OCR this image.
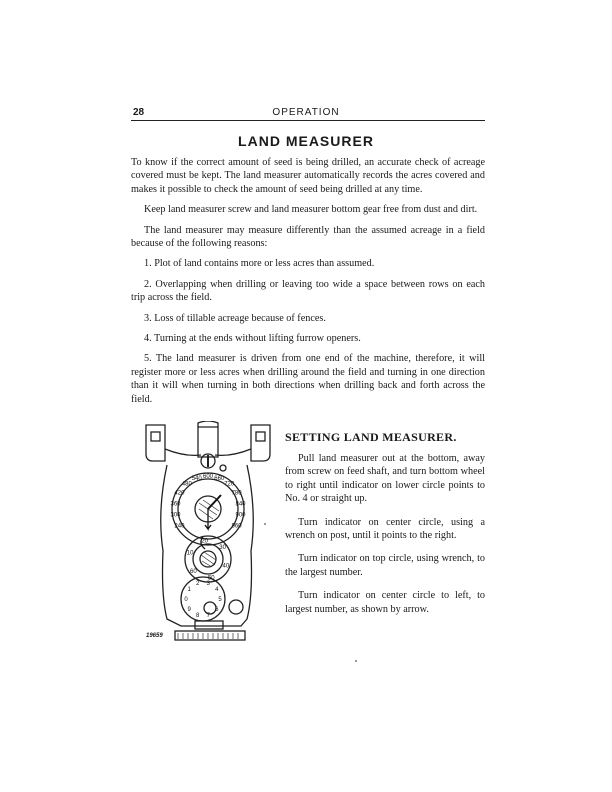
28	OPERATION
LAND MEASURER

To know if the correct amount of seed is being drilled, an accurate check of acreage covered must be kept. The land measurer automatically records the acres covered and makes it possible to check the amount of seed being drilled at any time.

Keep land measurer screw and land measurer bottom gear free from dust and dirt.

The land measurer may measure differently than the assumed acreage in a field because of the following reasons:

1. Plot of land contains more or less acres than assumed.

2. Overlapping when drilling or leaving too wide a space between rows on each trip across the field.

3. Loss of tillable acreage because of fences.

4. Turning at the ends without lifting furrow openers.

5. The land measurer is driven from one end of the machine, therefore, it will register more or less acres when drilling around the field and turning in one direction than it will when turning in both directions when drilling back and forth across the field.

SETTING LAND MEASURER.

Pull land measurer out at the bottom, away from screw on feed shaft, and turn bottom wheel to right until indicator on lower circle points to No. 4 or straight up.

Turn indicator on center circle, using a wrench on post, until it points to the right.

Turn indicator on top circle, using wrench, to the largest number.

Turn indicator on center circle to left, to largest number, as shown by arrow.

240
300
360
420
480
540 600 660
720
780
840
900
960
10
20
30
40
50
60
0
1
2 3
4
5
6
7
8
9
19659
